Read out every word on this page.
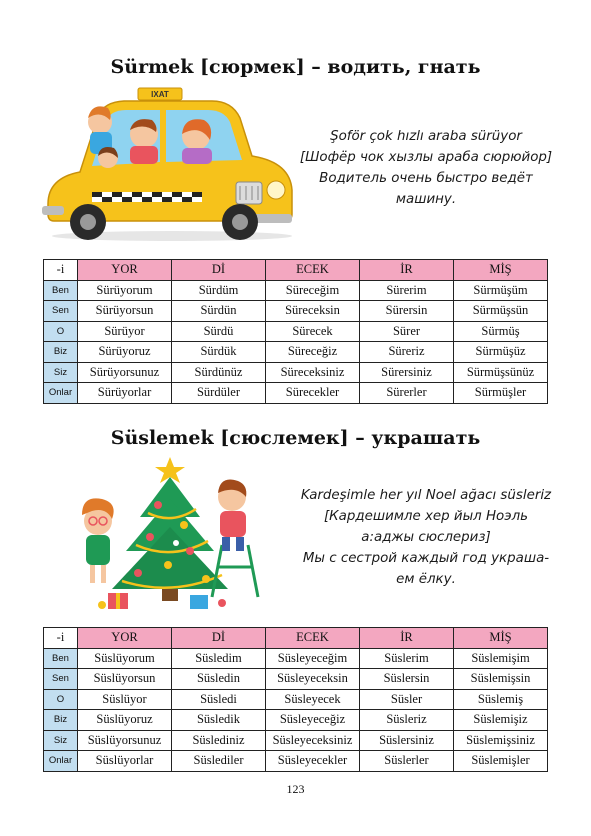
Sürmek [сюрмек] – водить, гнать
IXAT
Şoför çok hızlı araba sürüyor
[Шофёр чок хызлы араба сюрюйор]
Водитель очень быстро ведёт
машину.
-i	YOR	Dİ	ECEK	İR	MİŞ
Ben	Sürüyorum	Sürdüm	Süreceğim	Sürerim	Sürmüşüm
Sen	Sürüyorsun	Sürdün	Süreceksin	Sürersin	Sürmüşsün
O	Sürüyor	Sürdü	Sürecek	Sürer	Sürmüş
Biz	Sürüyoruz	Sürdük	Süreceğiz	Süreriz	Sürmüşüz
Siz	Sürüyorsunuz	Sürdünüz	Süreceksiniz	Sürersiniz	Sürmüşsünüz
Onlar	Sürüyorlar	Sürdüler	Sürecekler	Sürerler	Sürmüşler
Süslemek [сюслемек] – украшать
Kardeşimle her yıl Noel ağacı süsleriz
[Кардешимле хер йыл Ноэль
а:аджы сюслериз]
Мы с сестрой каждый год украша-
ем ёлку.
-i	YOR	Dİ	ECEK	İR	MİŞ
Ben	Süslüyorum	Süsledim	Süsleyeceğim	Süslerim	Süslemişim
Sen	Süslüyorsun	Süsledin	Süsleyeceksin	Süslersin	Süslemişsin
O	Süslüyor	Süsledi	Süsleyecek	Süsler	Süslemiş
Biz	Süslüyoruz	Süsledik	Süsleyeceğiz	Süsleriz	Süslemişiz
Siz	Süslüyorsunuz	Süslediniz	Süsleyeceksiniz	Süslersiniz	Süslemişsiniz
Onlar	Süslüyorlar	Süslediler	Süsleyecekler	Süslerler	Süslemişler
123
